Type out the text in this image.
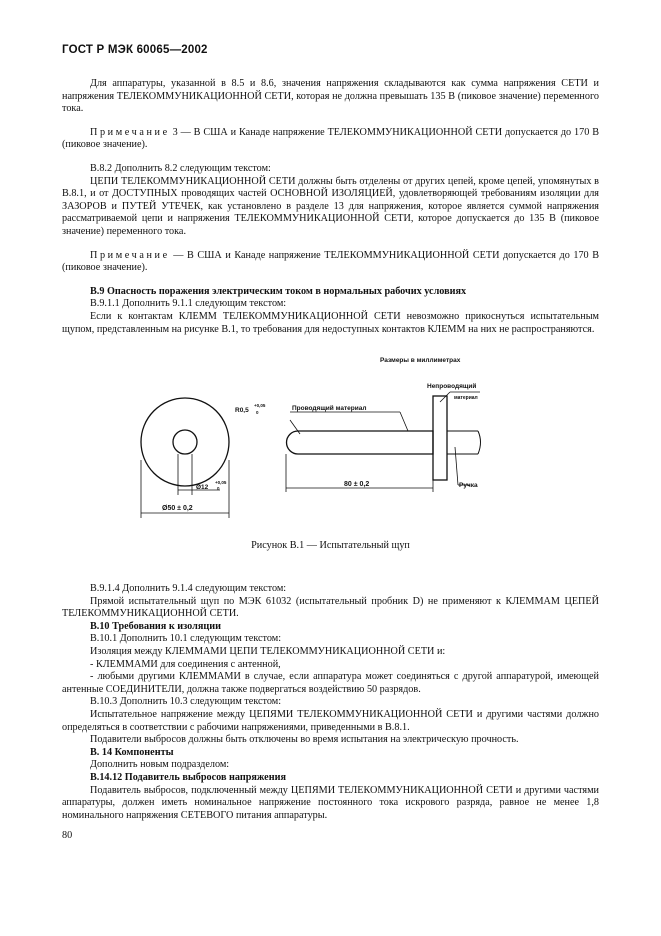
ГОСТ Р МЭК 60065—2002

Для аппаратуры, указанной в 8.5 и 8.6, значения напряжения складываются как сумма напряжения СЕТИ и напряжения ТЕЛЕКОММУНИКАЦИОННОЙ СЕТИ, которая не должна превышать 135 В (пиковое значение) переменного тока.

Примечание 3 — В США и Канаде напряжение ТЕЛЕКОММУНИКАЦИОННОЙ СЕТИ допускается до 170 В (пиковое значение).

В.8.2 Дополнить 8.2 следующим текстом:

ЦЕПИ ТЕЛЕКОММУНИКАЦИОННОЙ СЕТИ должны быть отделены от других цепей, кроме цепей, упомянутых в В.8.1, и от ДОСТУПНЫХ проводящих частей ОСНОВНОЙ ИЗОЛЯЦИЕЙ, удовлетворяющей требованиям изоляции для ЗАЗОРОВ и ПУТЕЙ УТЕЧЕК, как установлено в разделе 13 для напряжения, которое является суммой напряжения рассматриваемой цепи и напряжения ТЕЛЕКОММУНИКАЦИОННОЙ СЕТИ, которое допускается до 135 В (пиковое значение) переменного тока.

Примечание — В США и Канаде напряжение ТЕЛЕКОММУНИКАЦИОННОЙ СЕТИ допускается до 170 В (пиковое значение).

В.9 Опасность поражения электрическим током в нормальных рабочих условиях

В.9.1.1 Дополнить 9.1.1 следующим текстом:

Если к контактам КЛЕММ ТЕЛЕКОММУНИКАЦИОННОЙ СЕТИ невозможно прикоснуться испытательным щупом, представленным на рисунке В.1, то требования для недоступных контактов КЛЕММ на них не распространяются.

Размеры в миллиметрах
Ø12
+0,05
0
Ø50 ± 0,2
R0,5
+0,05
0
Проводящий материал
Непроводящий
материал
Ручка
80 ± 0,2
Рисунок В.1 — Испытательный щуп

В.9.1.4 Дополнить 9.1.4 следующим текстом:

Прямой испытательный щуп по МЭК 61032 (испытательный пробник D) не применяют к КЛЕММАМ ЦЕПЕЙ ТЕЛЕКОММУНИКАЦИОННОЙ СЕТИ.

В.10 Требования к изоляции

В.10.1 Дополнить 10.1 следующим текстом:

Изоляция между КЛЕММАМИ ЦЕПИ ТЕЛЕКОММУНИКАЦИОННОЙ СЕТИ и:

- КЛЕММАМИ для соединения с антенной,

- любыми другими КЛЕММАМИ в случае, если аппаратура может соединяться с другой аппаратурой, имеющей антенные СОЕДИНИТЕЛИ, должна также подвергаться воздействию 50 разрядов.

В.10.3 Дополнить 10.3 следующим текстом:

Испытательное напряжение между ЦЕПЯМИ ТЕЛЕКОММУНИКАЦИОННОЙ СЕТИ и другими частями должно определяться в соответствии с рабочими напряжениями, приведенными в В.8.1.

Подавители выбросов должны быть отключены во время испытания на электрическую прочность.

В. 14 Компоненты

Дополнить новым подразделом:

В.14.12 Подавитель выбросов напряжения

Подавитель выбросов, подключенный между ЦЕПЯМИ ТЕЛЕКОММУНИКАЦИОННОЙ СЕТИ и другими частями аппаратуры, должен иметь номинальное напряжение постоянного тока искрового разряда, равное не менее 1,8 номинального напряжения СЕТЕВОГО питания аппаратуры.

80
